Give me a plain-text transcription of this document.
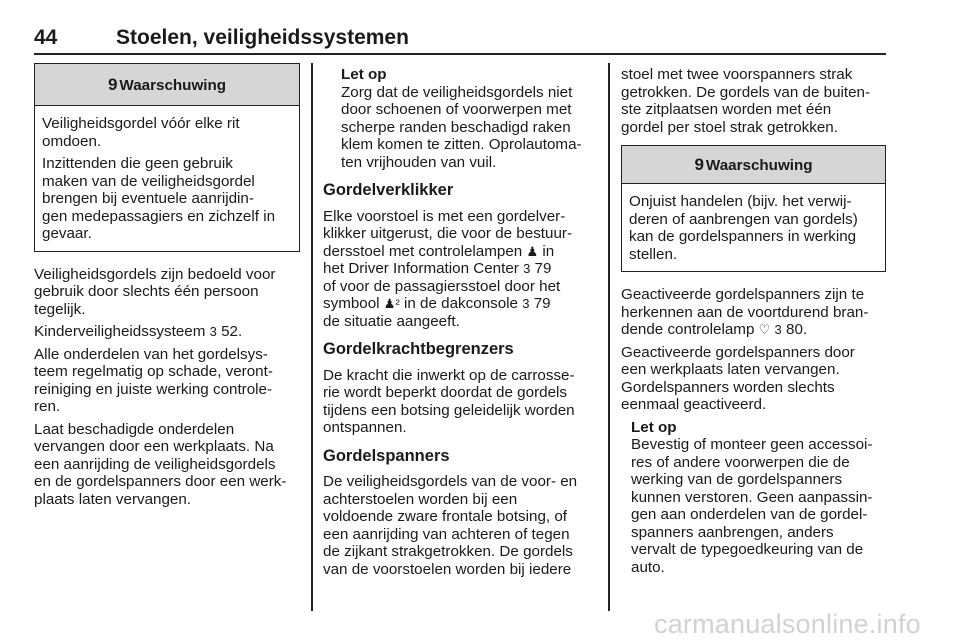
44	Stoelen, veiligheidssystemen
9 Waarschuwing

Veiligheidsgordel vóór elke rit
omdoen.

Inzittenden die geen gebruik
maken van de veiligheidsgordel
brengen bij eventuele aanrijdin-
gen medepassagiers en zichzelf in
gevaar.

Veiligheidsgordels zijn bedoeld voor
gebruik door slechts één persoon
tegelijk.

Kinderveiligheidssysteem 3 52.

Alle onderdelen van het gordelsys-
teem regelmatig op schade, veront-
reiniging en juiste werking controle-
ren.

Laat beschadigde onderdelen
vervangen door een werkplaats. Na
een aanrijding de veiligheidsgordels
en de gordelspanners door een werk-
plaats laten vervangen.

Let op
Zorg dat de veiligheidsgordels niet
door schoenen of voorwerpen met
scherpe randen beschadigd raken
klem komen te zitten. Oprolautoma-
ten vrijhouden van vuil.
Gordelverklikker

Elke voorstoel is met een gordelver-
klikker uitgerust, die voor de bestuur-
dersstoel met controlelampen ♟ in
het Driver Information Center 3 79
of voor de passagiersstoel door het
symbool ♟² in de dakconsole 3 79
de situatie aangeeft.

Gordelkrachtbegrenzers

De kracht die inwerkt op de carrosse-
rie wordt beperkt doordat de gordels
tijdens een botsing geleidelijk worden
ontspannen.

Gordelspanners

De veiligheidsgordels van de voor- en
achterstoelen worden bij een
voldoende zware frontale botsing, of
een aanrijding van achteren of tegen
de zijkant strakgetrokken. De gordels
van de voorstoelen worden bij iedere

stoel met twee voorspanners strak
getrokken. De gordels van de buiten-
ste zitplaatsen worden met één
gordel per stoel strak getrokken.

9 Waarschuwing

Onjuist handelen (bijv. het verwij-
deren of aanbrengen van gordels)
kan de gordelspanners in werking
stellen.

Geactiveerde gordelspanners zijn te
herkennen aan de voortdurend bran-
dende controlelamp ♡ 3 80.

Geactiveerde gordelspanners door
een werkplaats laten vervangen.
Gordelspanners worden slechts
eenmaal geactiveerd.

Let op
Bevestig of monteer geen accessoi-
res of andere voorwerpen die de
werking van de gordelspanners
kunnen verstoren. Geen aanpassin-
gen aan onderdelen van de gordel-
spanners aanbrengen, anders
vervalt de typegoedkeuring van de
auto.
carmanualsonline.info
